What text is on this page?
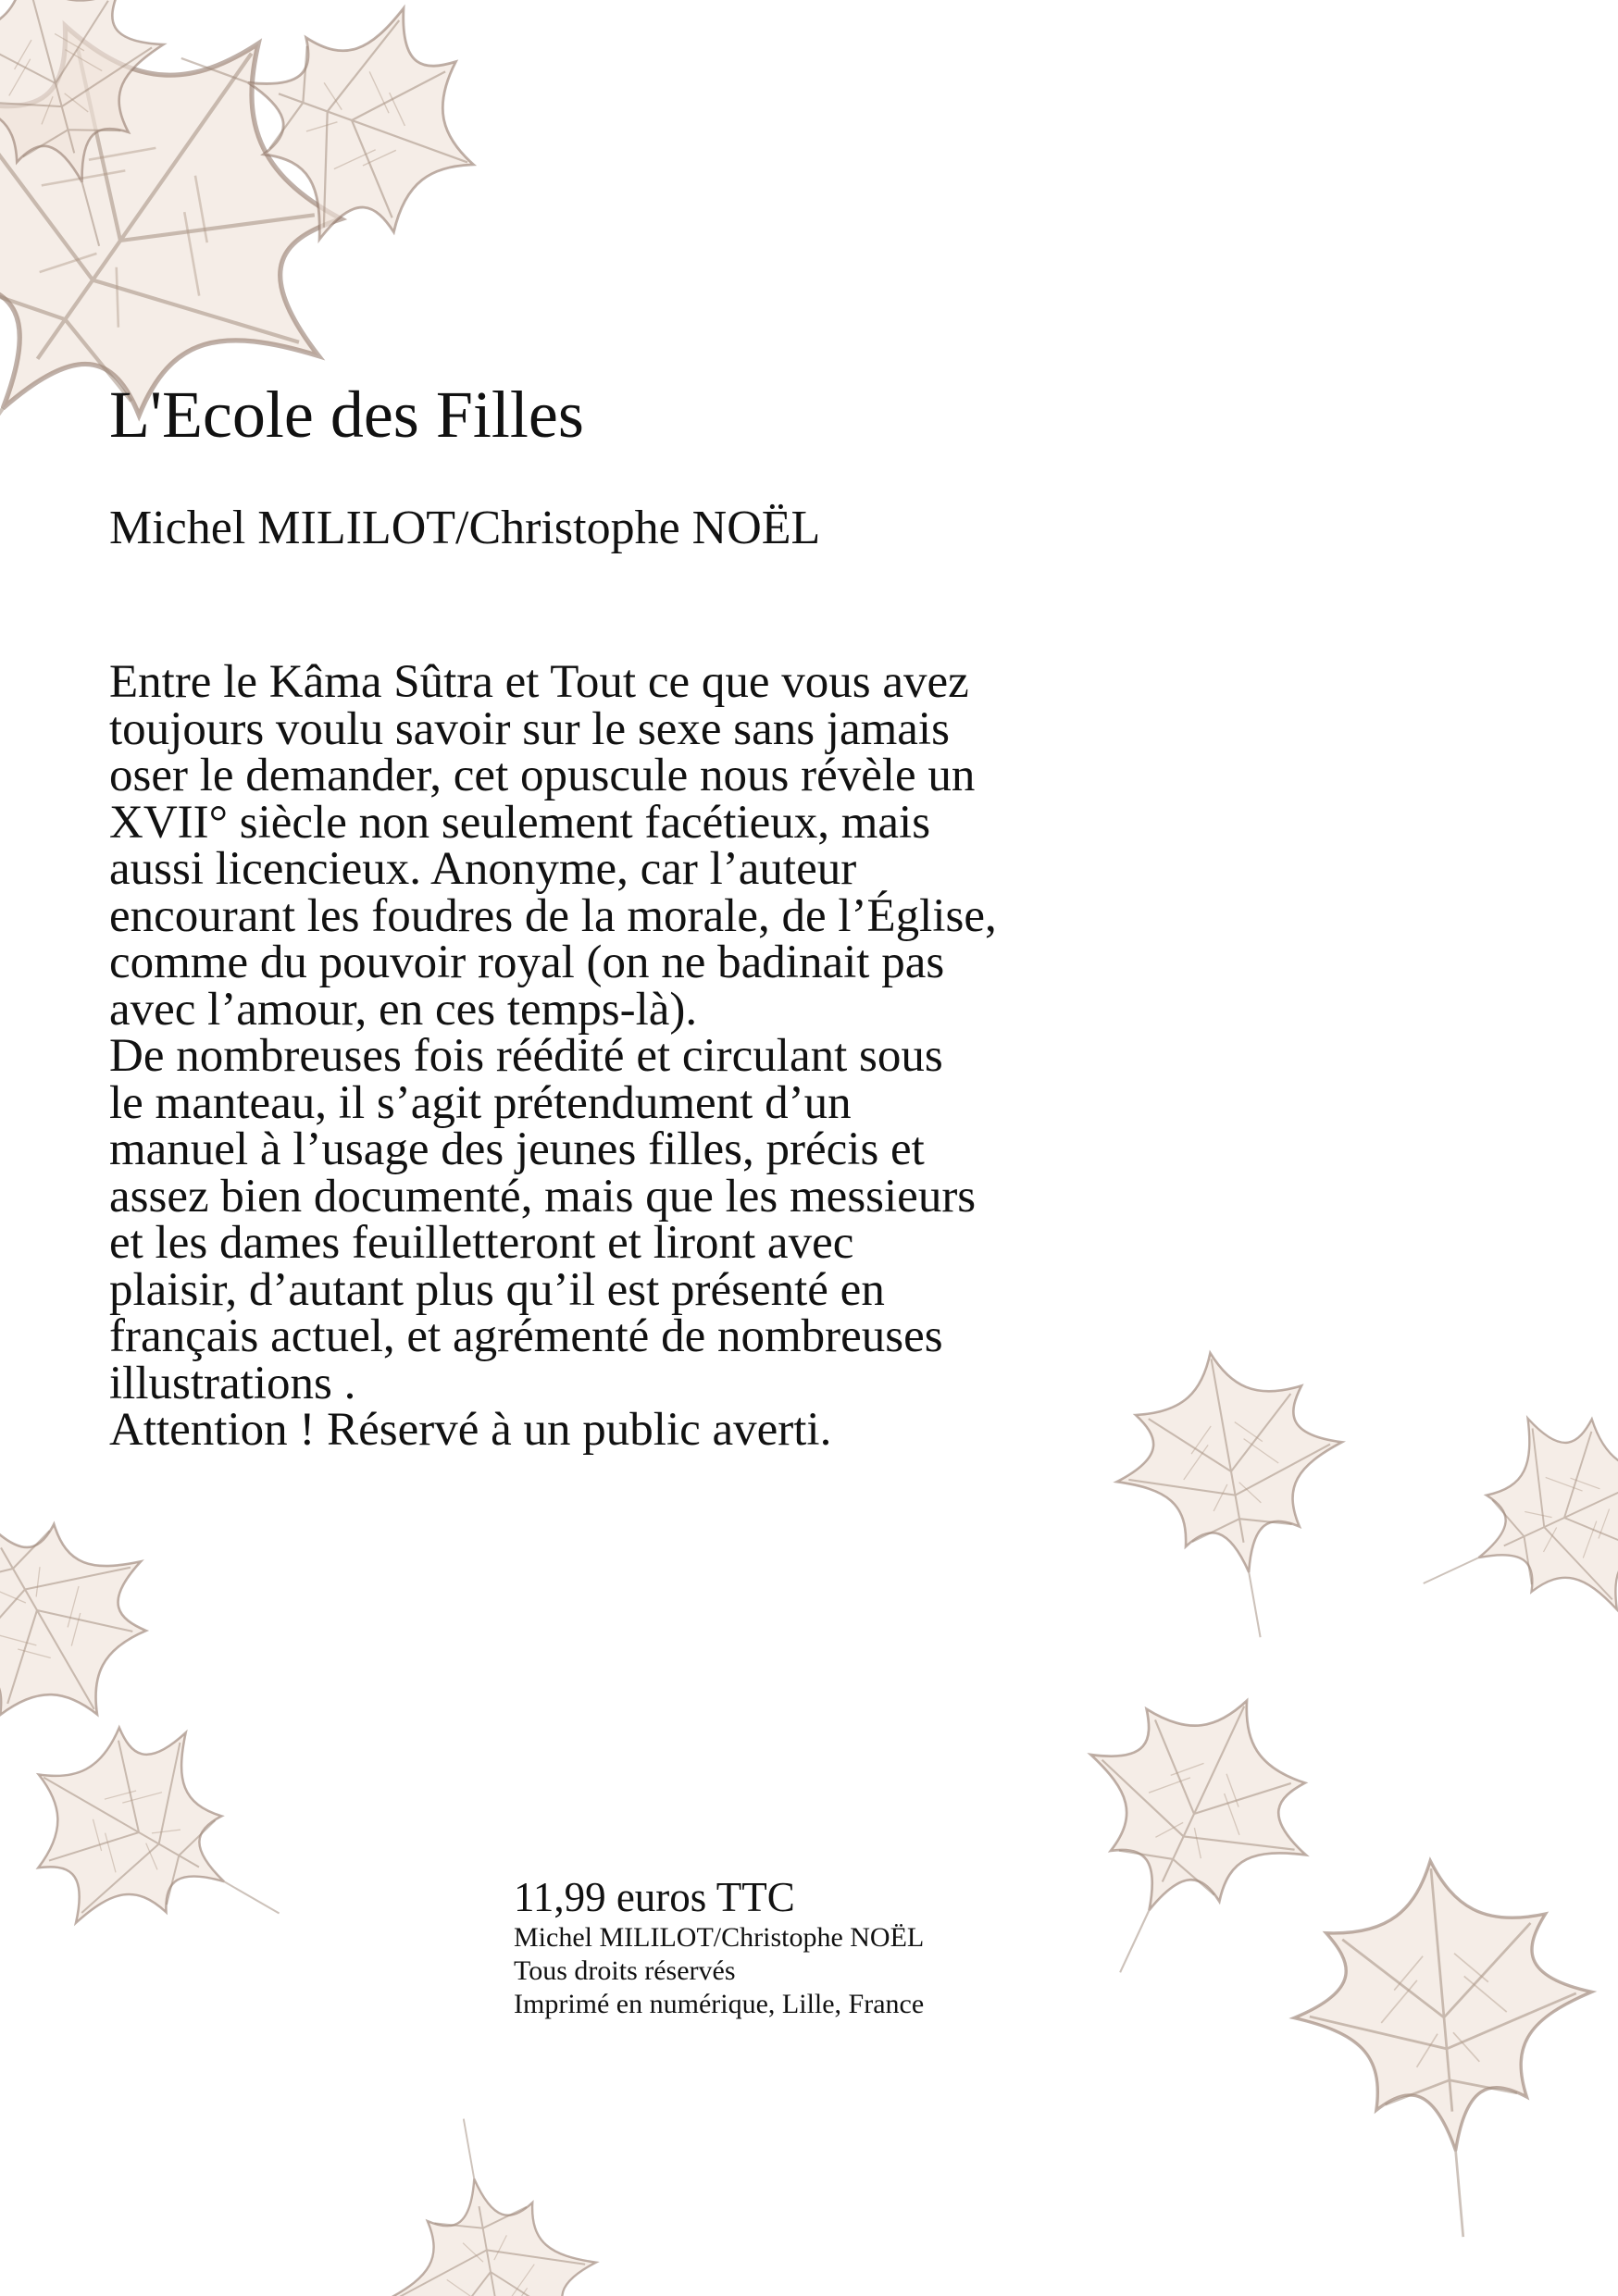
L'Ecole des Filles
Michel MILILOT/Christophe NOËL
Entre le Kâma Sûtra et Tout ce que vous avez
toujours voulu savoir sur le sexe sans jamais
oser le demander, cet opuscule nous révèle un
XVII° siècle non seulement facétieux, mais
aussi licencieux. Anonyme, car l’auteur
encourant les foudres de la morale, de l’Église,
comme du pouvoir royal (on ne badinait pas
avec l’amour, en ces temps-là).
De nombreuses fois réédité et circulant sous
le manteau, il s’agit prétendument d’un
manuel à l’usage des jeunes filles, précis et
assez bien documenté, mais que les messieurs
et les dames feuilletteront et liront avec
plaisir, d’autant plus qu’il est présenté en
français actuel, et agrémenté de nombreuses
illustrations .
Attention ! Réservé à un public averti.
11,99 euros TTC
Michel MILILOT/Christophe NOËL
Tous droits réservés
Imprimé en numérique, Lille, France
